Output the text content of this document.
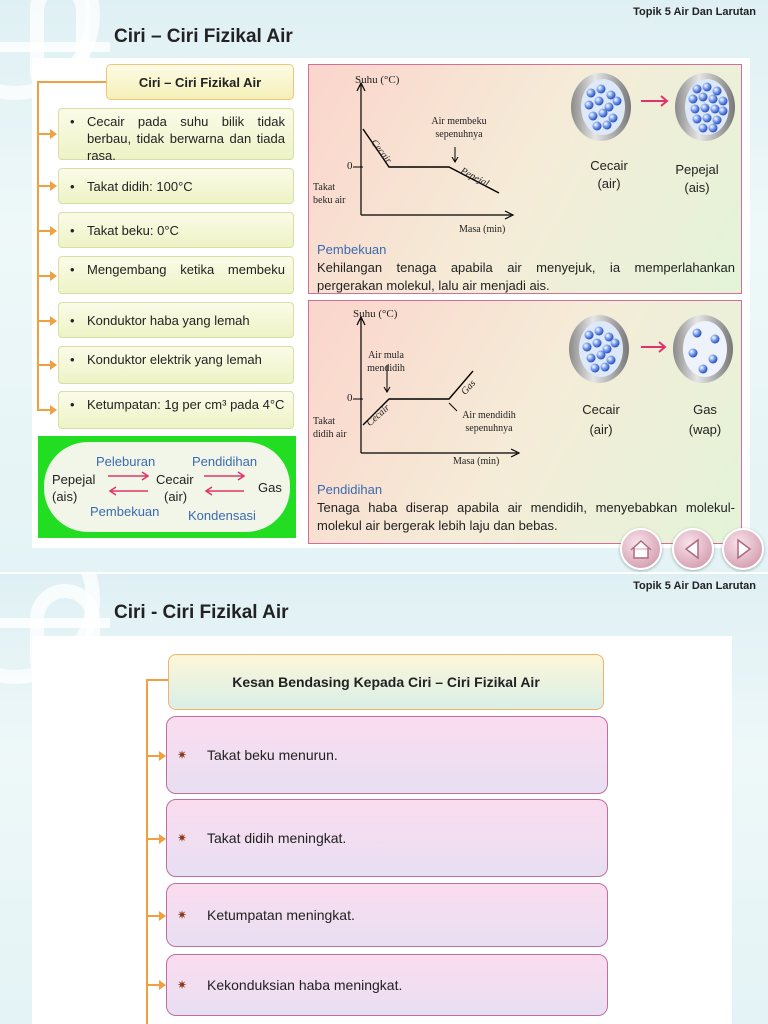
Topik 5 Air Dan Larutan
Ciri – Ciri Fizikal Air
Ciri – Ciri Fizikal Air
• Cecair pada suhu bilik tidak berbau, tidak berwarna dan tiada rasa.
• Takat didih: 100°C
• Takat beku: 0°C
• Mengembang ketika membeku
• Konduktor haba yang lemah
• Konduktor elektrik yang lemah
• Ketumpatan: 1g per cm³ pada 4°C
Peleburan	Pendidihan
Pepejal
(ais)
Cecair
(air)
Gas
Pembekuan Kondensasi
Suhu (°C)
0
Takat beku air
Air membeku sepenuhnya
Cecair
Pepejal
Masa (min)
Cecair
(air)
Pepejal
(ais)
Pembekuan
Kehilangan tenaga apabila air menyejuk, ia memperlahankan pergerakan molekul, lalu air menjadi ais.
Suhu (°C)
0
Takat didih air
Air mula mendidih
Air mendidih sepenuhnya
Cecair
Gas
Masa (min)
Cecair
(air)
Gas
(wap)
Pendidihan
Tenaga haba diserap apabila air mendidih, menyebabkan molekul-molekul air bergerak lebih laju dan bebas.
Topik 5 Air Dan Larutan
Ciri - Ciri Fizikal Air
Kesan Bendasing Kepada Ciri – Ciri Fizikal Air
✷ Takat beku menurun.
✷ Takat didih meningkat.
✷ Ketumpatan meningkat.
✷ Kekonduksian haba meningkat.
